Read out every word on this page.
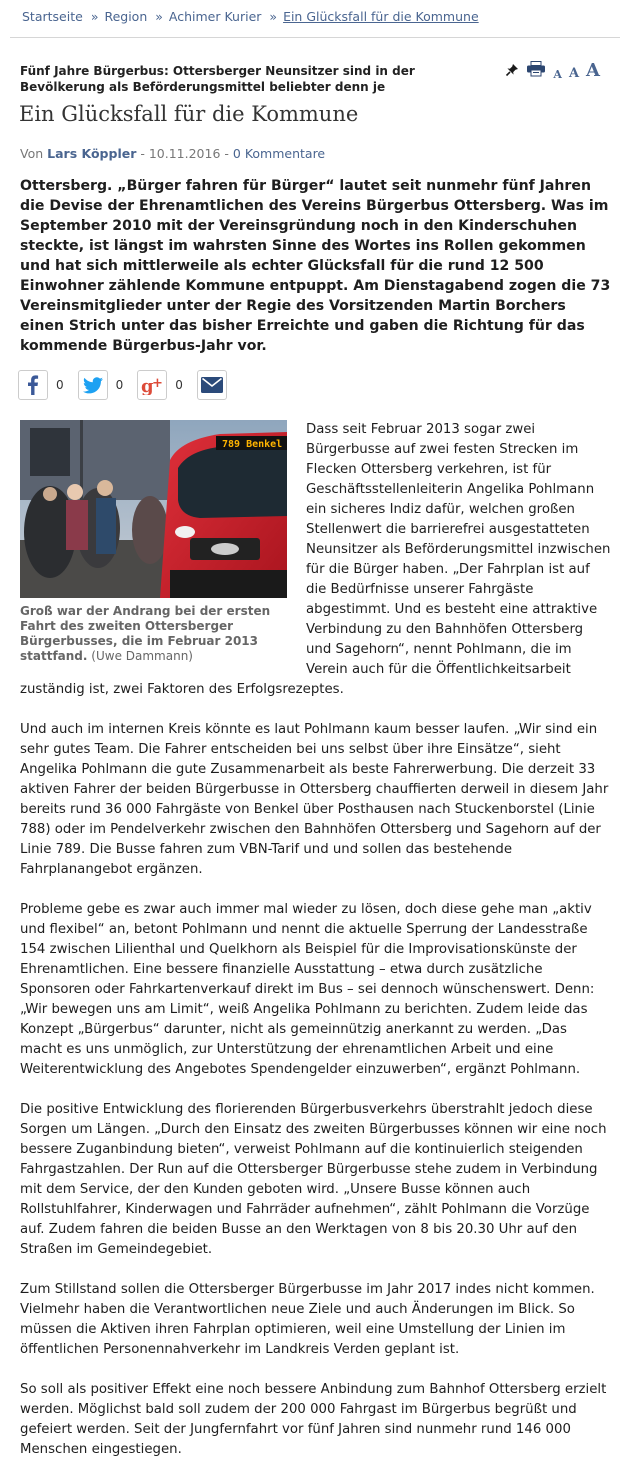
Startseite » Region » Achimer Kurier » Ein Glücksfall für die Kommune
Fünf Jahre Bürgerbus: Ottersberger Neunsitzer sind in der Bevölkerung als Beförderungsmittel beliebter denn je
A A A
Ein Glücksfall für die Kommune
Von Lars Köppler - 10.11.2016 - 0 Kommentare

Ottersberg. „Bürger fahren für Bürger“ lautet seit nunmehr fünf Jahren die Devise der Ehrenamtlichen des Vereins Bürgerbus Ottersberg. Was im September 2010 mit der Vereinsgründung noch in den Kinderschuhen steckte, ist längst im wahrsten Sinne des Wortes ins Rollen gekommen und hat sich mittlerweile als echter Glücksfall für die rund 12 500 Einwohner zählende Kommune entpuppt. Am Dienstagabend zogen die 73 Vereinsmitglieder unter der Regie des Vorsitzenden Martin Borchers einen Strich unter das bisher Erreichte und gaben die Richtung für das kommende Bürgerbus-Jahr vor.

0	0 g
+ 0
789 Benkel
Groß war der Andrang bei der ersten Fahrt des zweiten Ottersberger Bürgerbusses, die im Februar 2013 stattfand. (Uwe Dammann)

Dass seit Februar 2013 sogar zwei Bürgerbusse auf zwei festen Strecken im Flecken Ottersberg verkehren, ist für Geschäftsstellenleiterin Angelika Pohlmann ein sicheres Indiz dafür, welchen großen Stellenwert die barrierefrei ausgestatteten Neunsitzer als Beförderungsmittel inzwischen für die Bürger haben. „Der Fahrplan ist auf die Bedürfnisse unserer Fahrgäste abgestimmt. Und es besteht eine attraktive Verbindung zu den Bahnhöfen Ottersberg und Sagehorn“, nennt Pohlmann, die im Verein auch für die Öffentlichkeitsarbeit zuständig ist, zwei Faktoren des Erfolgsrezeptes.

Und auch im internen Kreis könnte es laut Pohlmann kaum besser laufen. „Wir sind ein sehr gutes Team. Die Fahrer entscheiden bei uns selbst über ihre Einsätze“, sieht Angelika Pohlmann die gute Zusammenarbeit als beste Fahrerwerbung. Die derzeit 33 aktiven Fahrer der beiden Bürgerbusse in Ottersberg chauffierten derweil in diesem Jahr bereits rund 36 000 Fahrgäste von Benkel über Posthausen nach Stuckenborstel (Linie 788) oder im Pendelverkehr zwischen den Bahnhöfen Ottersberg und Sagehorn auf der Linie 789. Die Busse fahren zum VBN-Tarif und und sollen das bestehende Fahrplanangebot ergänzen.

Probleme gebe es zwar auch immer mal wieder zu lösen, doch diese gehe man „aktiv und flexibel“ an, betont Pohlmann und nennt die aktuelle Sperrung der Landesstraße 154 zwischen Lilienthal und Quelkhorn als Beispiel für die Improvisationskünste der Ehrenamtlichen. Eine bessere finanzielle Ausstattung – etwa durch zusätzliche Sponsoren oder Fahrkartenverkauf direkt im Bus – sei dennoch wünschenswert. Denn: „Wir bewegen uns am Limit“, weiß Angelika Pohlmann zu berichten. Zudem leide das Konzept „Bürgerbus“ darunter, nicht als gemeinnützig anerkannt zu werden. „Das macht es uns unmöglich, zur Unterstützung der ehrenamtlichen Arbeit und eine Weiterentwicklung des Angebotes Spendengelder einzuwerben“, ergänzt Pohlmann.

Die positive Entwicklung des florierenden Bürgerbusverkehrs überstrahlt jedoch diese Sorgen um Längen. „Durch den Einsatz des zweiten Bürgerbusses können wir eine noch bessere Zuganbindung bieten“, verweist Pohlmann auf die kontinuierlich steigenden Fahrgastzahlen. Der Run auf die Ottersberger Bürgerbusse stehe zudem in Verbindung mit dem Service, der den Kunden geboten wird. „Unsere Busse können auch Rollstuhlfahrer, Kinderwagen und Fahrräder aufnehmen“, zählt Pohlmann die Vorzüge auf. Zudem fahren die beiden Busse an den Werktagen von 8 bis 20.30 Uhr auf den Straßen im Gemeindegebiet.

Zum Stillstand sollen die Ottersberger Bürgerbusse im Jahr 2017 indes nicht kommen. Vielmehr haben die Verantwortlichen neue Ziele und auch Änderungen im Blick. So müssen die Aktiven ihren Fahrplan optimieren, weil eine Umstellung der Linien im öffentlichen Personennahverkehr im Landkreis Verden geplant ist.

So soll als positiver Effekt eine noch bessere Anbindung zum Bahnhof Ottersberg erzielt werden. Möglichst bald soll zudem der 200 000 Fahrgast im Bürgerbus begrüßt und gefeiert werden. Seit der Jungfernfahrt vor fünf Jahren sind nunmehr rund 146 000 Menschen eingestiegen.
